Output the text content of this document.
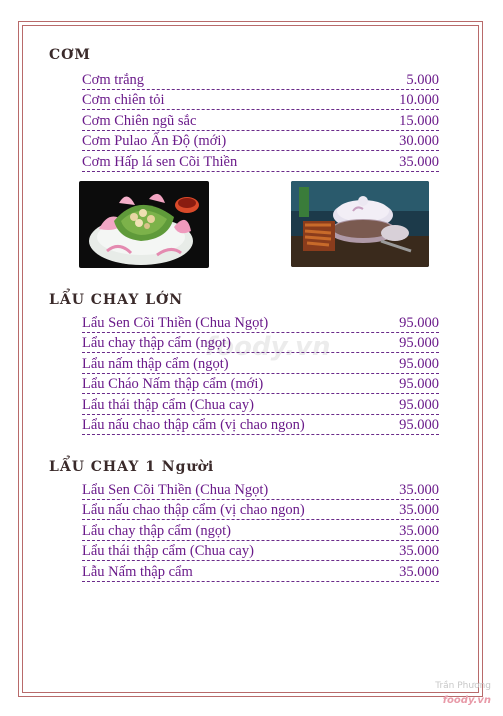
foody.vn
CƠM
Cơm trắng	5.000
Cơm chiên tỏi	10.000
Cơm Chiên ngũ sắc	15.000
Cơm Pulao Ấn Độ (mới)	30.000
Cơm Hấp lá sen Cõi Thiền	35.000
LẨU CHAY LỚN
Lẩu Sen Cõi Thiền (Chua Ngọt)	95.000
Lẩu chay thập cẩm (ngọt)	95.000
Lẩu nấm thập cẩm (ngọt)	95.000
Lẩu Cháo Nấm thập cẩm (mới)	95.000
Lẩu thái thập cẩm (Chua cay)	95.000
Lẩu nấu chao thập cẩm (vị chao ngon)	95.000
LẨU CHAY 1 Người
Lẩu Sen Cõi Thiền (Chua Ngọt)	35.000
Lẩu nấu chao thập cẩm (vị chao ngon)	35.000
Lẩu chay thập cẩm (ngọt)	35.000
Lẩu thái thập cẩm (Chua cay)	35.000
Lẫu Nấm thập cẩm	35.000
Trần Phương
foody.vn
